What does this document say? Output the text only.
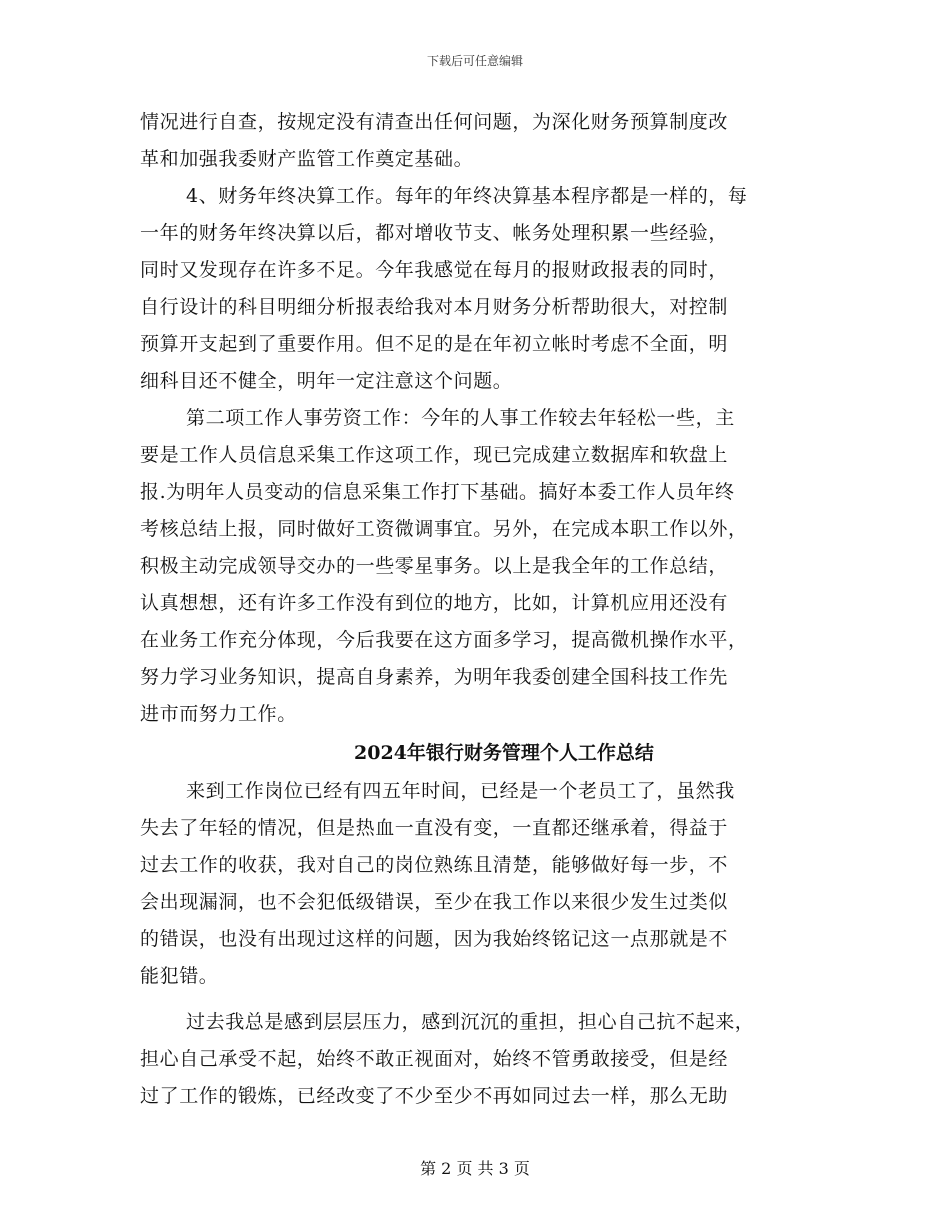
下载后可任意编辑
情况进行自查，按规定没有清查出任何问题，为深化财务预算制度改
革和加强我委财产监管工作奠定基础。
4、财务年终决算工作。每年的年终决算基本程序都是一样的，每
一年的财务年终决算以后，都对增收节支、帐务处理积累一些经验，
同时又发现存在许多不足。今年我感觉在每月的报财政报表的同时，
自行设计的科目明细分析报表给我对本月财务分析帮助很大，对控制
预算开支起到了重要作用。但不足的是在年初立帐时考虑不全面，明
细科目还不健全，明年一定注意这个问题。
第二项工作人事劳资工作：今年的人事工作较去年轻松一些，主
要是工作人员信息采集工作这项工作，现已完成建立数据库和软盘上
报.为明年人员变动的信息采集工作打下基础。搞好本委工作人员年终
考核总结上报，同时做好工资微调事宜。另外，在完成本职工作以外，
积极主动完成领导交办的一些零星事务。以上是我全年的工作总结，
认真想想，还有许多工作没有到位的地方，比如，计算机应用还没有
在业务工作充分体现，今后我要在这方面多学习，提高微机操作水平，
努力学习业务知识，提高自身素养，为明年我委创建全国科技工作先
进市而努力工作。
2024年银行财务管理个人工作总结
来到工作岗位已经有四五年时间，已经是一个老员工了，虽然我
失去了年轻的情况，但是热血一直没有变，一直都还继承着，得益于
过去工作的收获，我对自己的岗位熟练且清楚，能够做好每一步，不
会出现漏洞，也不会犯低级错误，至少在我工作以来很少发生过类似
的错误，也没有出现过这样的问题，因为我始终铭记这一点那就是不
能犯错。
过去我总是感到层层压力，感到沉沉的重担，担心自己抗不起来，
担心自己承受不起，始终不敢正视面对，始终不管勇敢接受，但是经
过了工作的锻炼，已经改变了不少至少不再如同过去一样，那么无助
第 2 页 共 3 页
